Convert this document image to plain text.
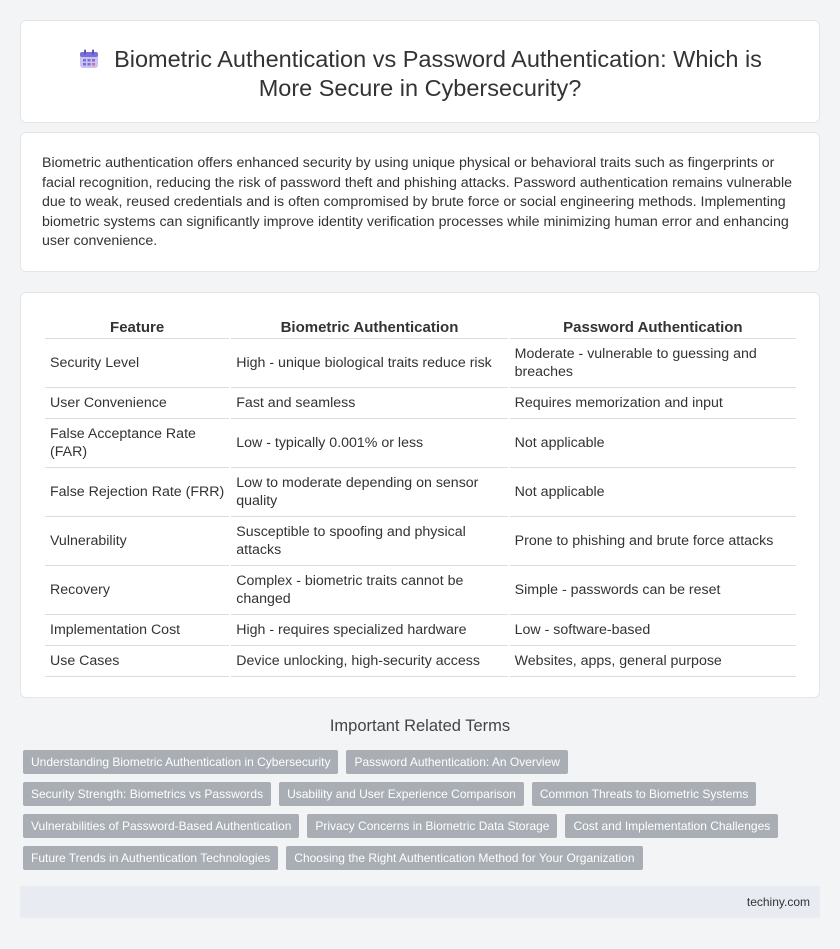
Biometric Authentication vs Password Authentication: Which is More Secure in Cybersecurity?

Biometric authentication offers enhanced security by using unique physical or behavioral traits such as fingerprints or facial recognition, reducing the risk of password theft and phishing attacks. Password authentication remains vulnerable due to weak, reused credentials and is often compromised by brute force or social engineering methods. Implementing biometric systems can significantly improve identity verification processes while minimizing human error and enhancing user convenience.

Feature	Biometric Authentication	Password Authentication
Security Level	High - unique biological traits reduce risk	Moderate - vulnerable to guessing and breaches
User Convenience	Fast and seamless	Requires memorization and input
False Acceptance Rate (FAR)	Low - typically 0.001% or less	Not applicable
False Rejection Rate (FRR)	Low to moderate depending on sensor quality	Not applicable
Vulnerability	Susceptible to spoofing and physical attacks	Prone to phishing and brute force attacks
Recovery	Complex - biometric traits cannot be changed	Simple - passwords can be reset
Implementation Cost	High - requires specialized hardware	Low - software-based
Use Cases	Device unlocking, high-security access	Websites, apps, general purpose
Important Related Terms
Understanding Biometric Authentication in Cybersecurity	Password Authentication: An Overview
Security Strength: Biometrics vs Passwords	Usability and User Experience Comparison	Common Threats to Biometric Systems
Vulnerabilities of Password-Based Authentication	Privacy Concerns in Biometric Data Storage	Cost and Implementation Challenges
Future Trends in Authentication Technologies	Choosing the Right Authentication Method for Your Organization
techiny.com
